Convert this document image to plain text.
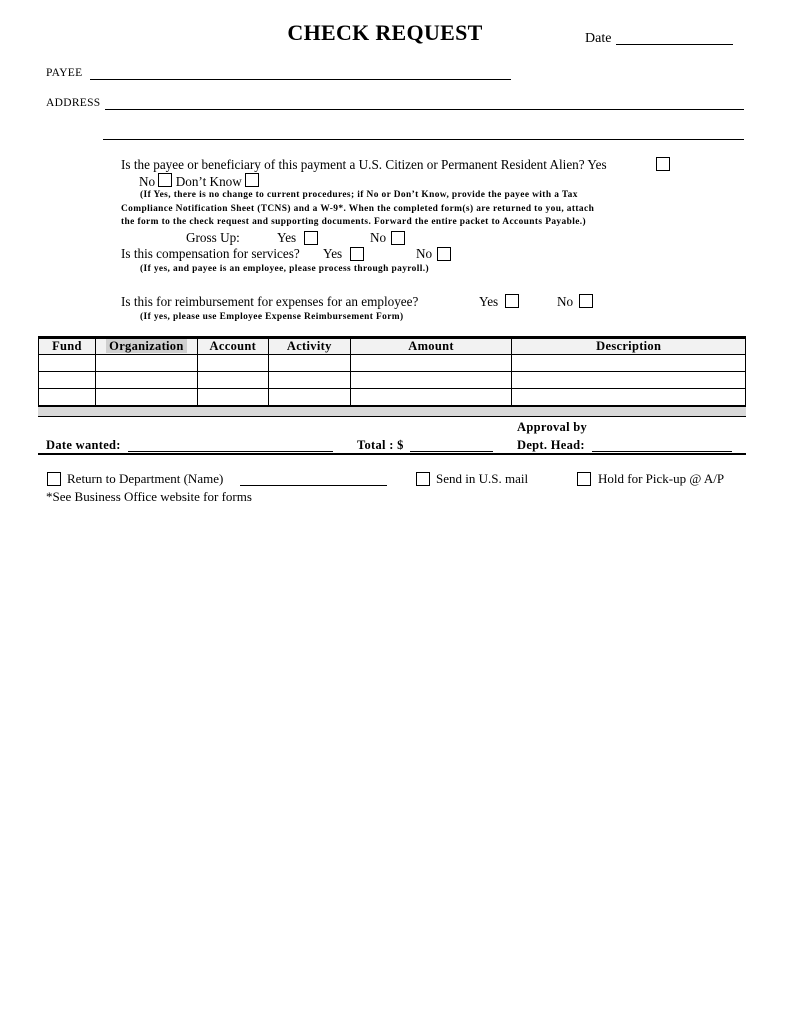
CHECK REQUEST	Date
PAYEE
ADDRESS
Is the payee or beneficiary of this payment a U.S. Citizen or Permanent Resident Alien? Yes
No Don’t Know
(If Yes, there is no change to current procedures; if No or Don’t Know, provide the payee with a Tax
Compliance Notification Sheet (TCNS) and a W-9*. When the completed form(s) are returned to you, attach
the form to the check request and supporting documents. Forward the entire packet to Accounts Payable.)
Gross Up:	Yes	No
Is this compensation for services? Yes	No
(If yes, and payee is an employee, please process through payroll.)
Is this for reimbursement for expenses for an employee?	Yes	No
(If yes, please use Employee Expense Reimbursement Form)
Fund	Organization	Account	Activity	Amount	Description

Approval by
Date wanted:	Total : $	Dept. Head:
Return to Department (Name)	Send in U.S. mail	Hold for Pick-up @ A/P
*See Business Office website for forms
